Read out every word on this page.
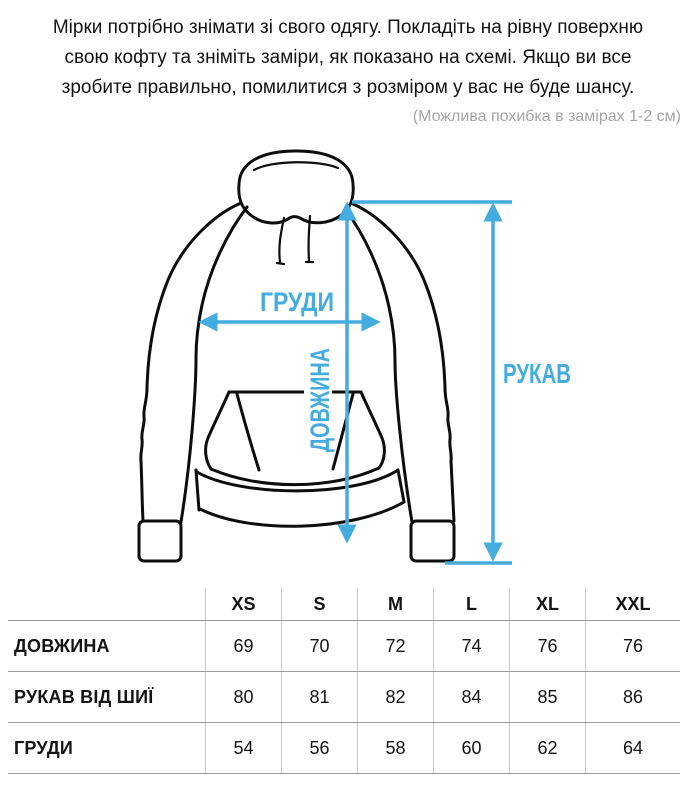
Мірки потрібно знімати зі свого одягу. Покладіть на рівну поверхню
свою кофту та зніміть заміри, як показано на схемі. Якщо ви все
зробите правильно, помилитися з розміром у вас не буде шансу.
(Можлива похибка в замірах 1-2 см)
ГРУДИ
ДОВЖИНА	РУКАВ
XS	S	M	L	XL	XXL
ДОВЖИНА	69	70	72	74	76	76
РУКАВ ВІД ШИЇ	80	81	82	84	85	86
ГРУДИ	54	56	58	60	62	64
